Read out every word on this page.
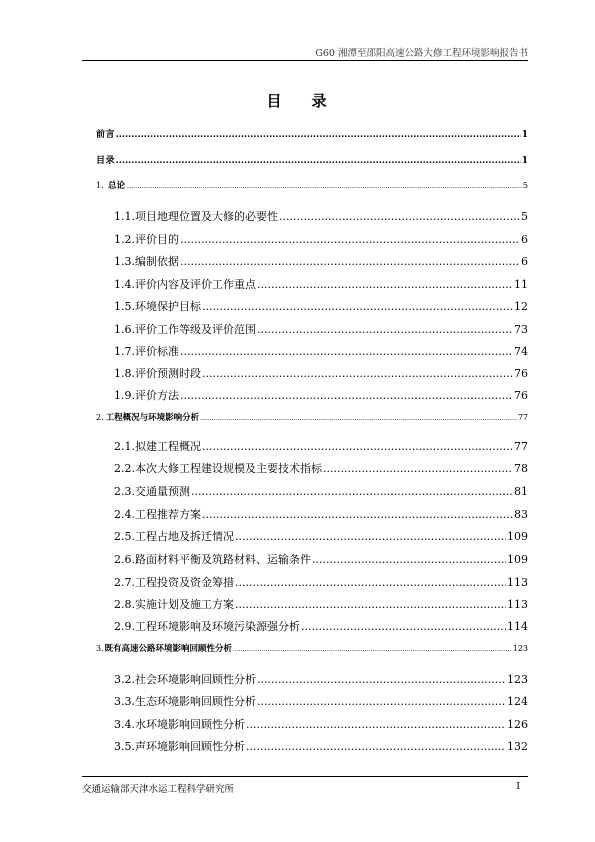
G60 湘潭至邵阳高速公路大修工程环境影响报告书
目 录
前 言 .....	1
目 录 .....	1
1. 总论 .....	5
1.1. 项目地理位置及大修的必要性 .....	5
1.2. 评价目的 .....	6
1.3. 编制依据 .....	6
1.4. 评价内容及评价工作重点 .....	11
1.5. 环境保护目标 .....	12
1.6. 评价工作等级及评价范围 .....	73
1.7. 评价标准 .....	74
1.8. 评价预测时段 .....	76
1.9. 评价方法 .....	76
2. 工程概况与环境影响分析 .....	77
2.1. 拟建工程概况 .....	77
2.2. 本次大修工程建设规模及主要技术指标 .....	78
2.3. 交通量预测 .....	81
2.4. 工程推荐方案 .....	83
2.5. 工程占地及拆迁情况 .....	109
2.6. 路面材料平衡及筑路材料、运输条件 .....	109
2.7. 工程投资及资金筹措 .....	113
2.8. 实施计划及施工方案 .....	113
2.9. 工程环境影响及环境污染源强分析 .....	114
3. 既有高速公路环境影响回顾性分析 .....	123
3.2. 社会环境影响回顾性分析 .....	123
3.3. 生态环境影响回顾性分析 .....	124
3.4. 水环境影响回顾性分析 .....	126
3.5. 声环境影响回顾性分析 .....	132
交通运输部天津水运工程科学研究所	I
